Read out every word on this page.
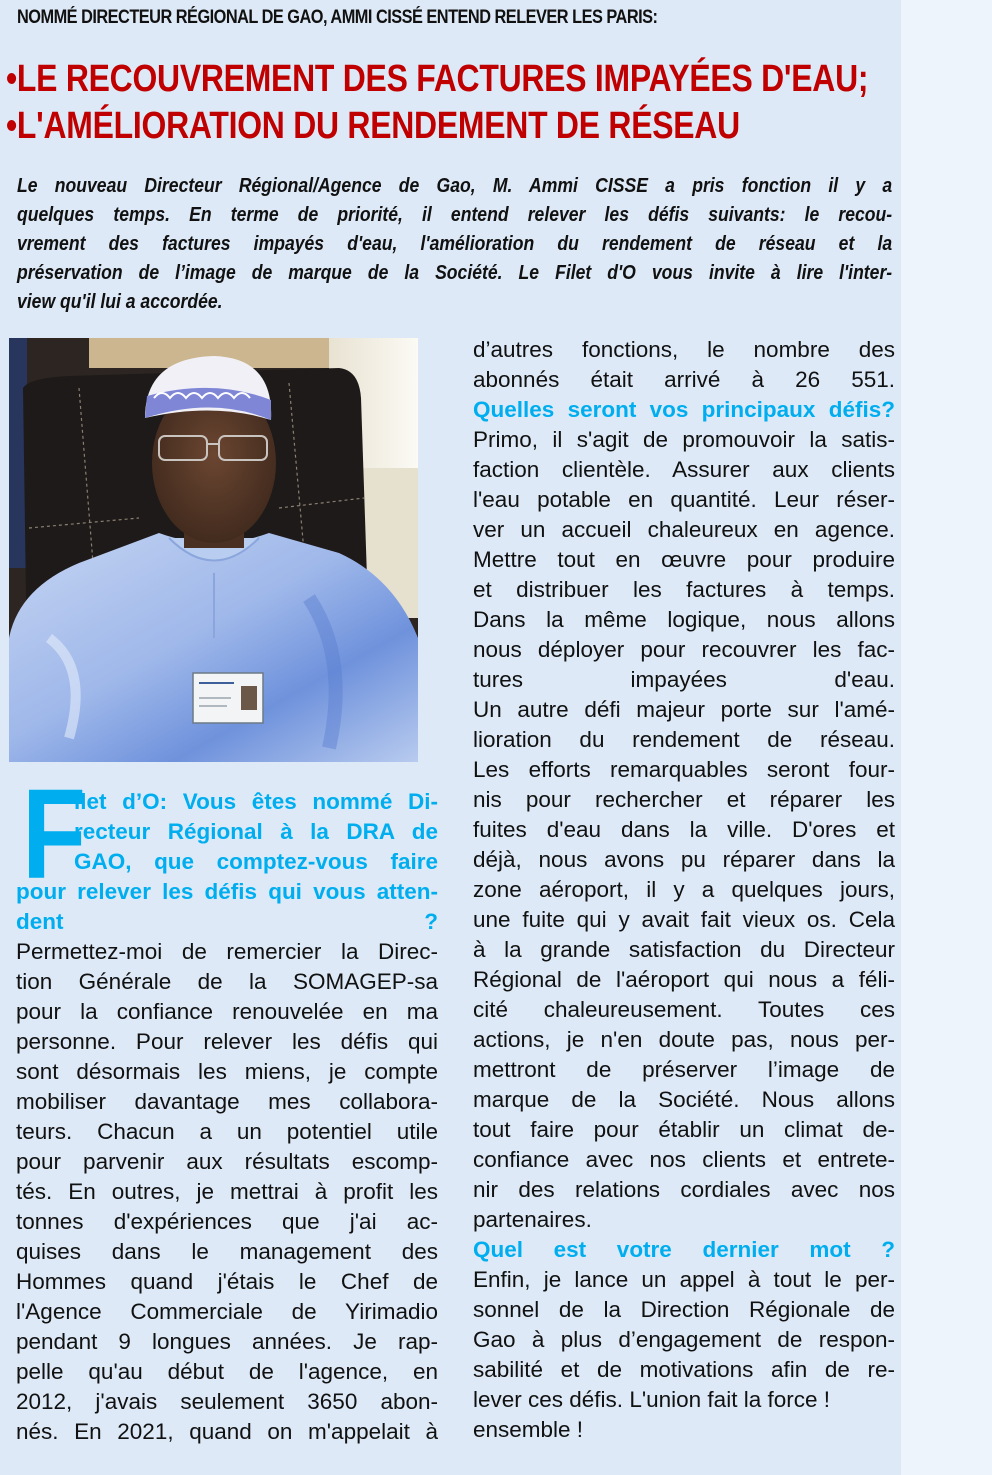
NOMMÉ DIRECTEUR RÉGIONAL DE GAO, AMMI CISSÉ ENTEND RELEVER LES PARIS:
•LE RECOUVREMENT DES FACTURES IMPAYÉES D'EAU;
•L'AMÉLIORATION DU RENDEMENT DE RÉSEAU
Le nouveau Directeur Régional/Agence de Gao, M. Ammi CISSE a pris fonction il y a
quelques temps. En terme de priorité, il entend relever les défis suivants: le recou-
vrement des factures impayés d'eau, l'amélioration du rendement de réseau et la
préservation de l’image de marque de la Société. Le Filet d'O vous invite à lire l'inter-
view qu'il lui a accordée.
F
ilet d’O: Vous êtes nommé Di-
recteur Régional à la DRA de
GAO, que comptez-vous faire
pour relever les défis qui vous atten-
dent ?
Permettez-moi de remercier la Direc-
tion Générale de la SOMAGEP-sa
pour la confiance renouvelée en ma
personne. Pour relever les défis qui
sont désormais les miens, je compte
mobiliser davantage mes collabora-
teurs. Chacun a un potentiel utile
pour parvenir aux résultats escomp-
tés. En outres, je mettrai à profit les
tonnes d'expériences que j'ai ac-
quises dans le management des
Hommes quand j'étais le Chef de
l'Agence Commerciale de Yirimadio
pendant 9 longues années. Je rap-
pelle qu'au début de l'agence, en
2012, j'avais seulement 3650 abon-
nés. En 2021, quand on m'appelait à
d’autres fonctions, le nombre des
abonnés était arrivé à 26 551.
Quelles seront vos principaux défis?
Primo, il s'agit de promouvoir la satis-
faction clientèle. Assurer aux clients
l'eau potable en quantité. Leur réser-
ver un accueil chaleureux en agence.
Mettre tout en œuvre pour produire
et distribuer les factures à temps.
Dans la même logique, nous allons
nous déployer pour recouvrer les fac-
tures impayées d'eau.
Un autre défi majeur porte sur l'amé-
lioration du rendement de réseau.
Les efforts remarquables seront four-
nis pour rechercher et réparer les
fuites d'eau dans la ville. D'ores et
déjà, nous avons pu réparer dans la
zone aéroport, il y a quelques jours,
une fuite qui y avait fait vieux os. Cela
à la grande satisfaction du Directeur
Régional de l'aéroport qui nous a féli-
cité chaleureusement. Toutes ces
actions, je n'en doute pas, nous per-
mettront de préserver l’image de
marque de la Société. Nous allons
tout faire pour établir un climat de-
confiance avec nos clients et entrete-
nir des relations cordiales avec nos
partenaires.
Quel est votre dernier mot ?
Enfin, je lance un appel à tout le per-
sonnel de la Direction Régionale de
Gao à plus d’engagement de respon-
sabilité et de motivations afin de re-
lever ces défis. L'union fait la force !
ensemble !
